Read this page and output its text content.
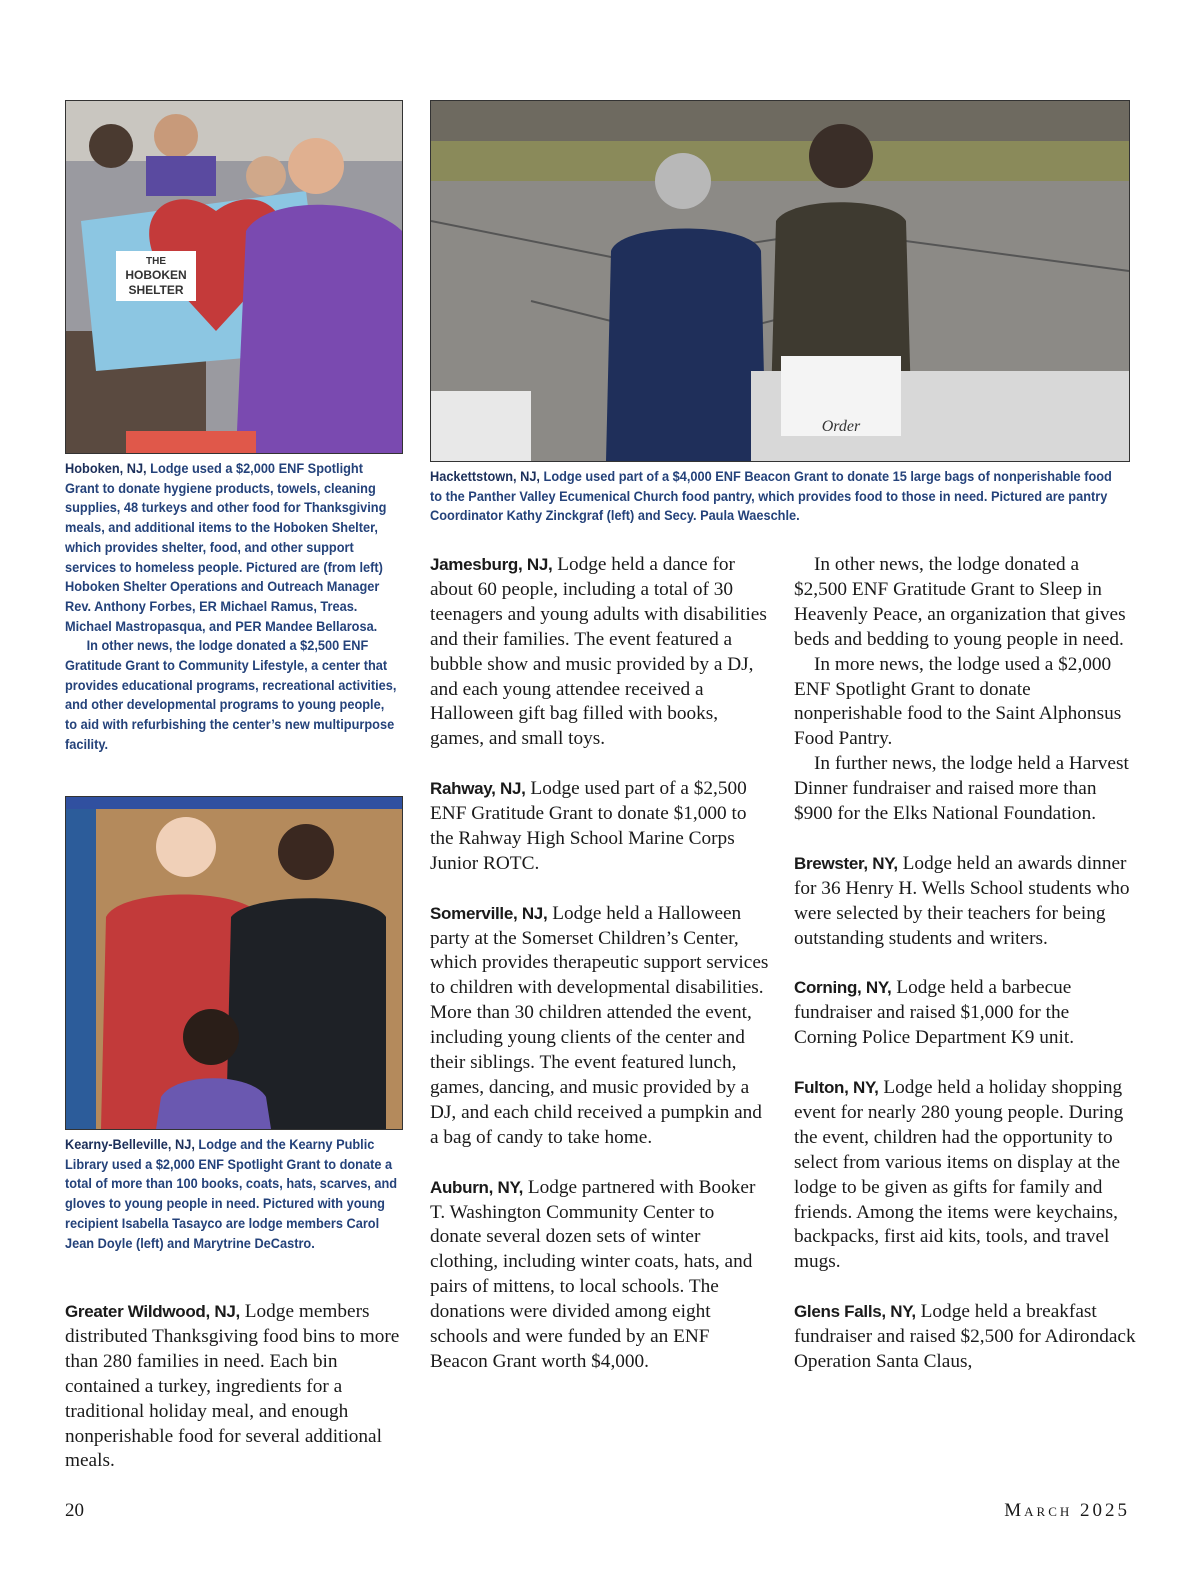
THE
HOBOKEN
SHELTER

Hoboken, NJ, Lodge used a $2,000 ENF Spotlight Grant to donate hygiene products, towels, cleaning supplies, 48 turkeys and other food for Thanksgiving meals, and additional items to the Hoboken Shelter, which provides shelter, food, and other support services to homeless people. Pictured are (from left) Hoboken Shelter Operations and Outreach Manager Rev. Anthony Forbes, ER Michael Ramus, Treas. Michael Mastropasqua, and PER Mandee Bellarosa.

In other news, the lodge donated a $2,500 ENF Gratitude Grant to Community Lifestyle, a center that provides educational programs, recreational activities, and other developmental programs to young people, to aid with refurbishing the center’s new multipurpose facility.

Order

Hackettstown, NJ, Lodge used part of a $4,000 ENF Beacon Grant to donate 15 large bags of nonperishable food to the Panther Valley Ecumenical Church food pantry, which provides food to those in need. Pictured are pantry Coordinator Kathy Zinckgraf (left) and Secy. Paula Waeschle.

Kearny-Belleville, NJ, Lodge and the Kearny Public Library used a $2,000 ENF Spotlight Grant to donate a total of more than 100 books, coats, hats, scarves, and gloves to young people in need. Pictured with young recipient Isabella Tasayco are lodge members Carol Jean Doyle (left) and Marytrine DeCastro.

Greater Wildwood, NJ, Lodge members distributed Thanksgiving food bins to more than 280 families in need. Each bin contained a turkey, ingredients for a traditional holiday meal, and enough nonperishable food for several additional meals.

Jamesburg, NJ, Lodge held a dance for about 60 people, including a total of 30 teenagers and young adults with disabilities and their families. The event featured a bubble show and music provided by a DJ, and each young attendee received a Halloween gift bag filled with books, games, and small toys.

Rahway, NJ, Lodge used part of a $2,500 ENF Gratitude Grant to donate $1,000 to the Rahway High School Marine Corps Junior ROTC.

Somerville, NJ, Lodge held a Halloween party at the Somerset Children’s Center, which provides therapeutic support services to children with developmental disabilities. More than 30 children attended the event, including young clients of the center and their siblings. The event featured lunch, games, dancing, and music provided by a DJ, and each child received a pumpkin and a bag of candy to take home.

Auburn, NY, Lodge partnered with Booker T. Washington Community Center to donate several dozen sets of winter clothing, including winter coats, hats, and pairs of mittens, to local schools. The donations were divided among eight schools and were funded by an ENF Beacon Grant worth $4,000.

In other news, the lodge donated a $2,500 ENF Gratitude Grant to Sleep in Heavenly Peace, an organization that gives beds and bedding to young people in need.

In more news, the lodge used a $2,000 ENF Spotlight Grant to donate nonperishable food to the Saint Alphonsus Food Pantry.

In further news, the lodge held a Harvest Dinner fundraiser and raised more than $900 for the Elks National Foundation.

Brewster, NY, Lodge held an awards dinner for 36 Henry H. Wells School students who were selected by their teachers for being outstanding students and writers.

Corning, NY, Lodge held a barbecue fundraiser and raised $1,000 for the Corning Police Department K9 unit.

Fulton, NY, Lodge held a holiday shopping event for nearly 280 young people. During the event, children had the opportunity to select from various items on display at the lodge to be given as gifts for family and friends. Among the items were keychains, backpacks, first aid kits, tools, and travel mugs.

Glens Falls, NY, Lodge held a breakfast fundraiser and raised $2,500 for Adirondack Operation Santa Claus,

20	March 2025
